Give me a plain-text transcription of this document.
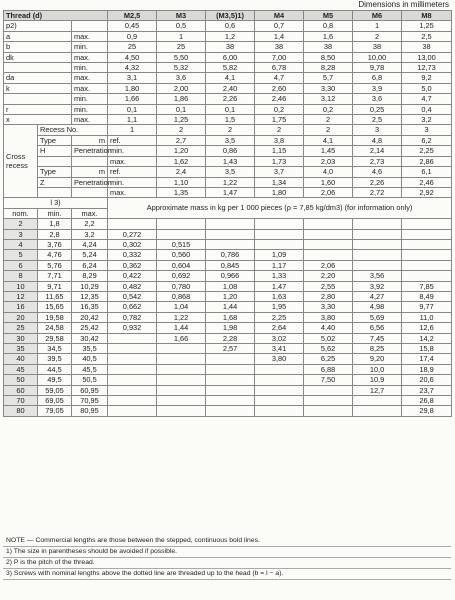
Dimensions in millimeters
Thread (d)			M2,5	M3	(M3,5)1)	M4	M5	M6	M8	
p2)			0,45	0,5	0,6	0,7	0,8	1	1,25	
a		max.	0,9	1	1,2	1,4	1,6	2	2,5	
b		min.	25	25	38	38	38	38	38	
dk		max.	4,50	5,50	6,00	7,00	8,50	10,00	13,00	
		min.	4,32	5,32	5,82	6,78	8,28	9,78	12,73	
da		max.	3,1	3,6	4,1	4,7	5,7	6,8	9,2	
k		max.	1,80	2,00	2,40	2,60	3,30	3,9	5,0	
		min.	1,66	1,86	2,26	2,46	3,12	3,6	4,7	
r		min.	0,1	0,1	0,1	0,2	0,2	0,25	0,4	
x		max.	1,1	1,25	1,5	1,75	2	2,5	3,2	
Cross recess	Recess No.		1	2	2	2	2	3	3	
	Type	m	ref.	2,7	3,5	3,8	4,1	4,8	6,2	
	H	Penetration	min.	1,20	0,86	1,15	1,45	2,14	2,25	
			max.	1,62	1,43	1,73	2,03	2,73	2,86	
	Type	m	ref.	2,4	3,5	3,7	4,0	4,6	6,1	
	Z	Penetration	min.	1,10	1,22	1,34	1,60	2,26	2,46	
			max.	1,35	1,47	1,80	2,06	2,72	2,92	
l 3)			Approximate mass in kg per 1 000 pieces (ρ = 7,85 kg/dm3) (for information only)							
nom.	min.	max.								
2	1,8	2,2								
3	2,8	3,2	0,272							
4	3,76	4,24	0,302	0,515						
5	4,76	5,24	0,332	0,560	0,786	1,09				
6	5,76	6,24	0,362	0,604	0,845	1,17	2,06			
8	7,71	8,29	0,422	0,692	0,966	1,33	2,20	3,56		
10	9,71	10,29	0,482	0,780	1,08	1,47	2,55	3,92	7,85	
12	11,65	12,35	0,542	0,868	1,20	1,63	2,80	4,27	8,49	
16	15,65	16,35	0,662	1,04	1,44	1,95	3,30	4,98	9,77	
20	19,58	20,42	0,782	1,22	1,68	2,25	3,80	5,69	11,0	
25	24,58	25,42	0,932	1,44	1,98	2,64	4,40	6,56	12,6	
30	29,58	30,42		1,66	2,28	3,02	5,02	7,45	14,2	
35	34,5	35,5			2,57	3,41	5,62	8,25	15,8	
40	39,5	40,5				3,80	6,25	9,20	17,4	
45	44,5	45,5					6,88	10,0	18,9	
50	49,5	50,5					7,50	10,9	20,6	
60	59,05	60,95						12,7	23,7	
70	69,05	70,95							26,8	
80	79,05	80,95							29,8	
NOTE — Commercial lengths are those between the stepped, continuous bold lines.
1) The size in parentheses should be avoided if possible.
2) P is the pitch of the thread.
3) Screws with nominal lengths above the dotted line are threaded up to the head (b = l − a).
